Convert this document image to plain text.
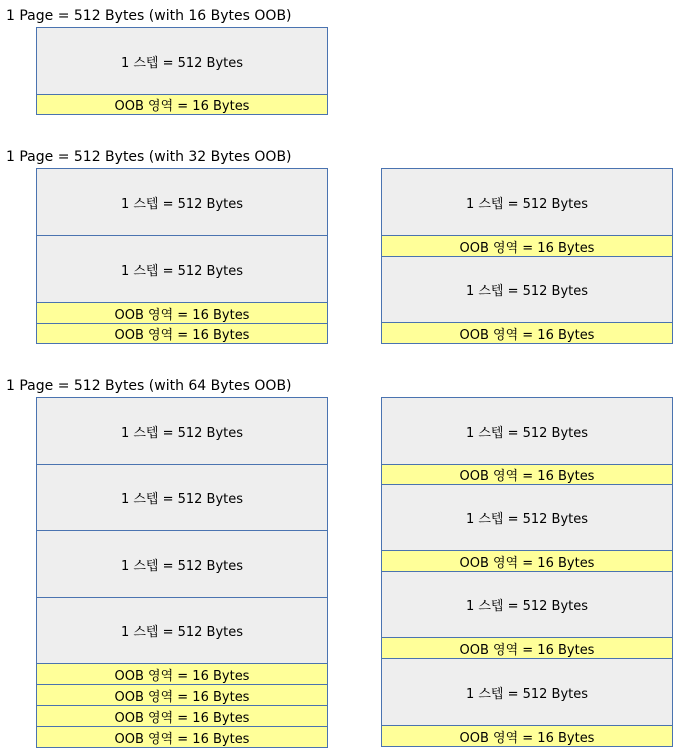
1 Page = 512 Bytes (with 16 Bytes OOB)
1 스텝 = 512 Bytes
OOB 영역 = 16 Bytes
1 Page = 512 Bytes (with 32 Bytes OOB)
1 스텝 = 512 Bytes
1 스텝 = 512 Bytes
OOB 영역 = 16 Bytes
OOB 영역 = 16 Bytes
1 스텝 = 512 Bytes
OOB 영역 = 16 Bytes
1 스텝 = 512 Bytes
OOB 영역 = 16 Bytes
1 Page = 512 Bytes (with 64 Bytes OOB)
1 스텝 = 512 Bytes
1 스텝 = 512 Bytes
1 스텝 = 512 Bytes
1 스텝 = 512 Bytes
OOB 영역 = 16 Bytes
OOB 영역 = 16 Bytes
OOB 영역 = 16 Bytes
OOB 영역 = 16 Bytes
1 스텝 = 512 Bytes
OOB 영역 = 16 Bytes
1 스텝 = 512 Bytes
OOB 영역 = 16 Bytes
1 스텝 = 512 Bytes
OOB 영역 = 16 Bytes
1 스텝 = 512 Bytes
OOB 영역 = 16 Bytes
